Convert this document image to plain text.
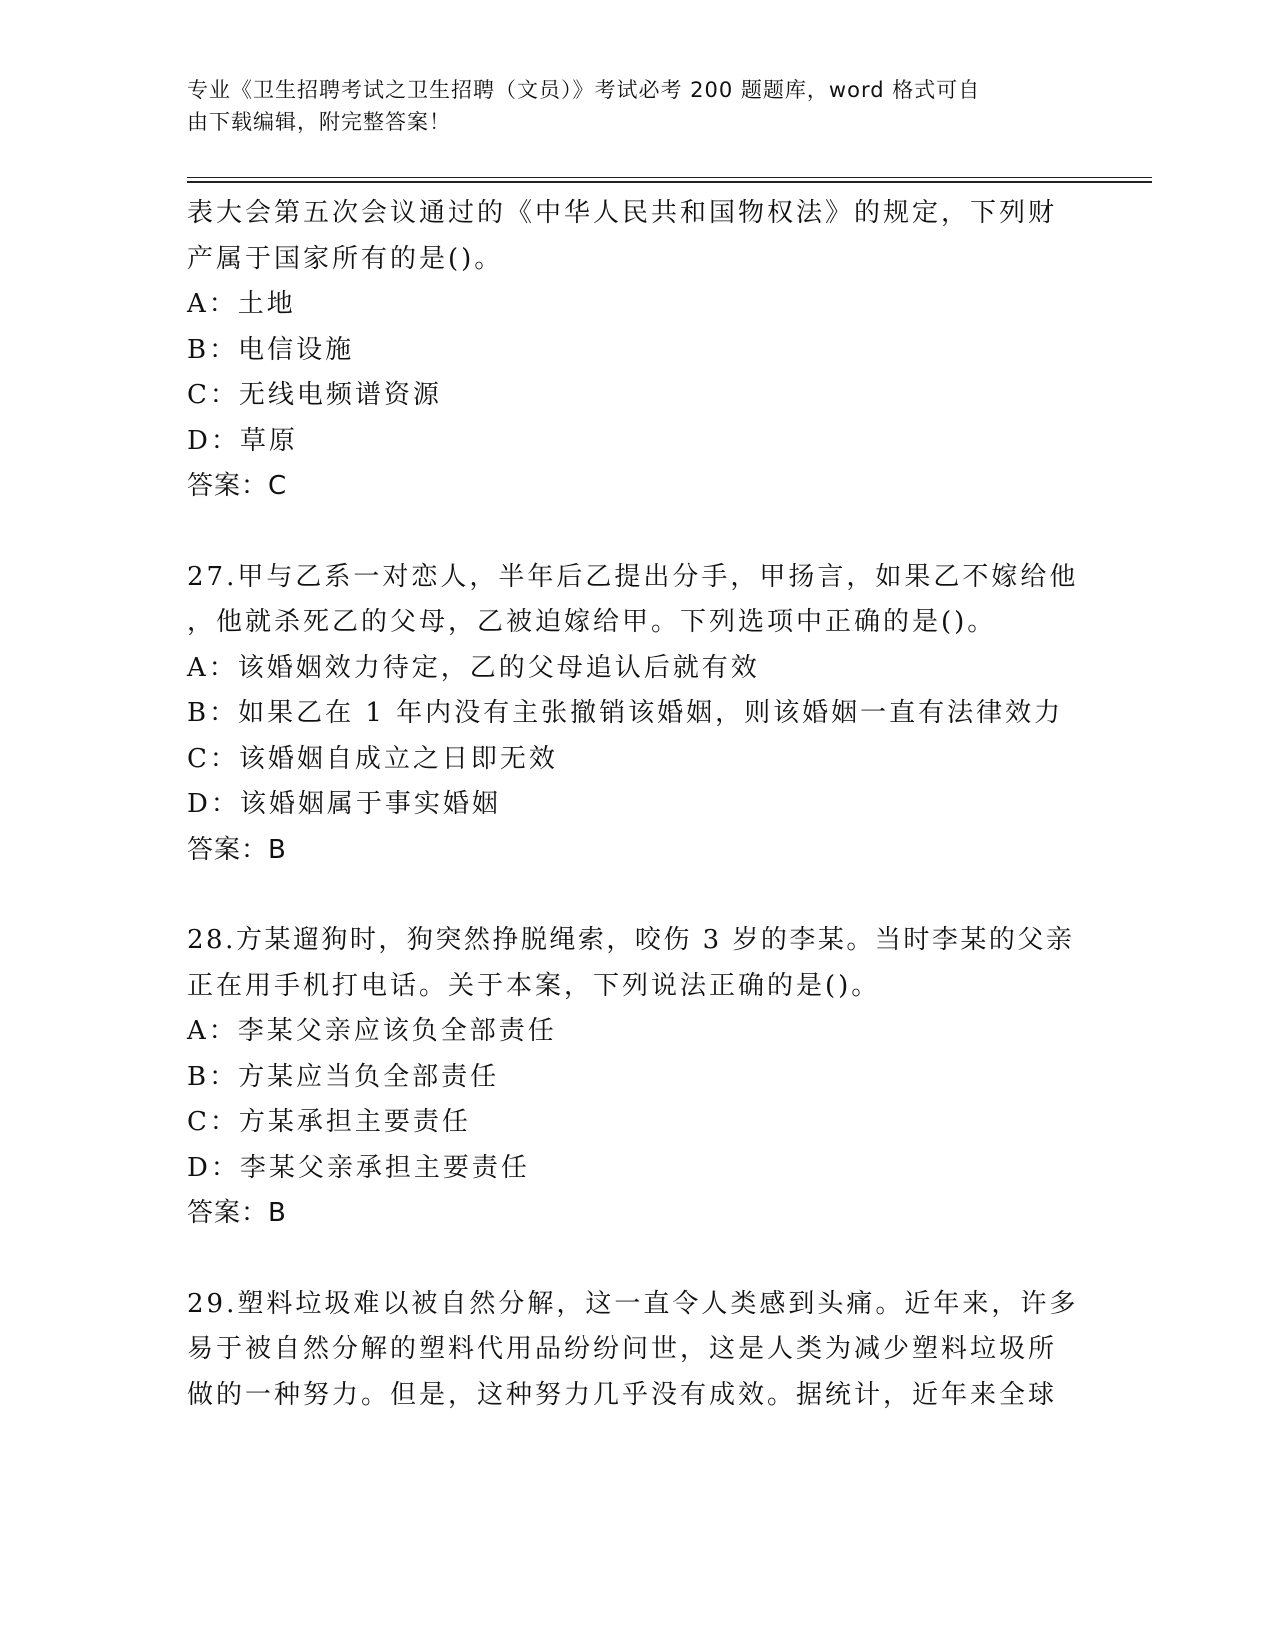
专业《卫生招聘考试之卫生招聘（文员）》考试必考 200 题题库，word 格式可自
由下载编辑，附完整答案！
表大会第五次会议通过的《中华人民共和国物权法》的规定，下列财
产属于国家所有的是()。
A：土地
B：电信设施
C：无线电频谱资源
D：草原
答案：C
27.甲与乙系一对恋人，半年后乙提出分手，甲扬言，如果乙不嫁给他
，他就杀死乙的父母，乙被迫嫁给甲。下列选项中正确的是()。
A：该婚姻效力待定，乙的父母追认后就有效
B：如果乙在 1 年内没有主张撤销该婚姻，则该婚姻一直有法律效力
C：该婚姻自成立之日即无效
D：该婚姻属于事实婚姻
答案：B
28.方某遛狗时，狗突然挣脱绳索，咬伤 3 岁的李某。当时李某的父亲
正在用手机打电话。关于本案，下列说法正确的是()。
A：李某父亲应该负全部责任
B：方某应当负全部责任
C：方某承担主要责任
D：李某父亲承担主要责任
答案：B
29.塑料垃圾难以被自然分解，这一直令人类感到头痛。近年来，许多
易于被自然分解的塑料代用品纷纷问世，这是人类为减少塑料垃圾所
做的一种努力。但是，这种努力几乎没有成效。据统计，近年来全球
